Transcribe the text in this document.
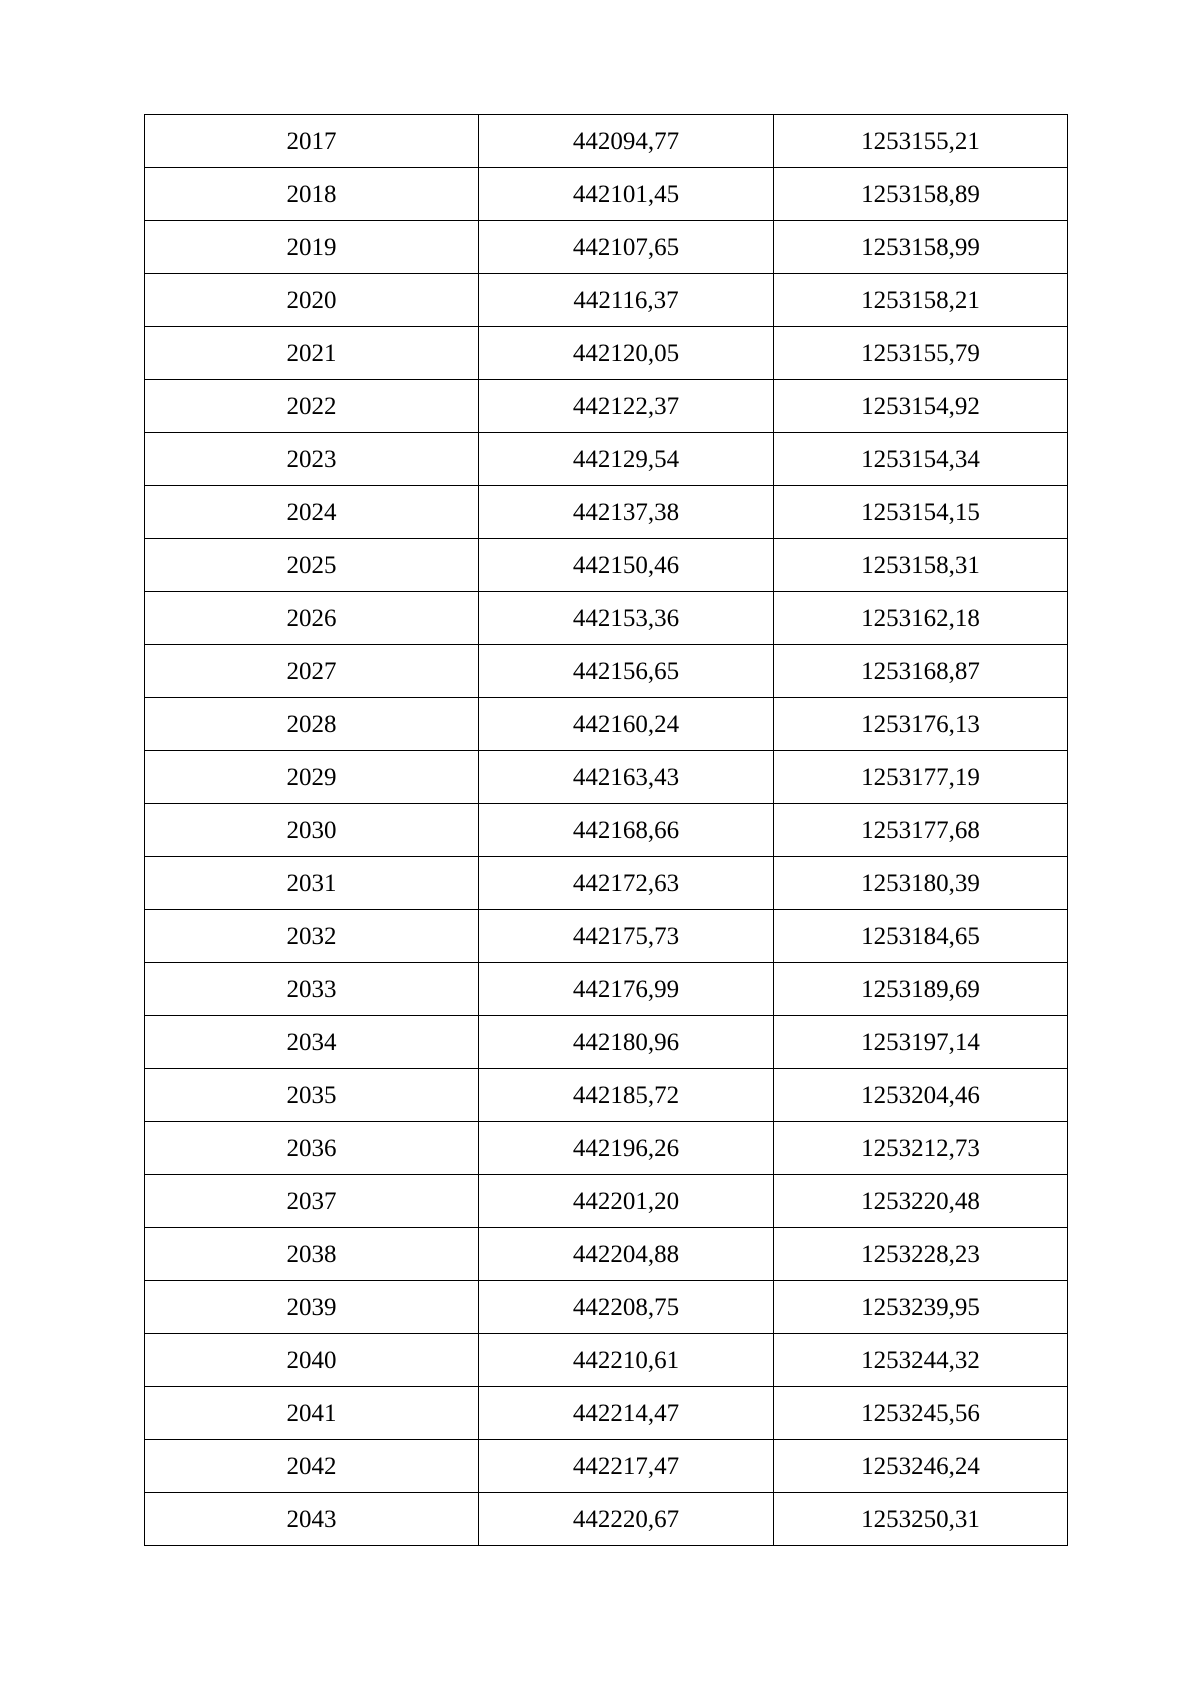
2017	442094,77	1253155,21
2018	442101,45	1253158,89
2019	442107,65	1253158,99
2020	442116,37	1253158,21
2021	442120,05	1253155,79
2022	442122,37	1253154,92
2023	442129,54	1253154,34
2024	442137,38	1253154,15
2025	442150,46	1253158,31
2026	442153,36	1253162,18
2027	442156,65	1253168,87
2028	442160,24	1253176,13
2029	442163,43	1253177,19
2030	442168,66	1253177,68
2031	442172,63	1253180,39
2032	442175,73	1253184,65
2033	442176,99	1253189,69
2034	442180,96	1253197,14
2035	442185,72	1253204,46
2036	442196,26	1253212,73
2037	442201,20	1253220,48
2038	442204,88	1253228,23
2039	442208,75	1253239,95
2040	442210,61	1253244,32
2041	442214,47	1253245,56
2042	442217,47	1253246,24
2043	442220,67	1253250,31
